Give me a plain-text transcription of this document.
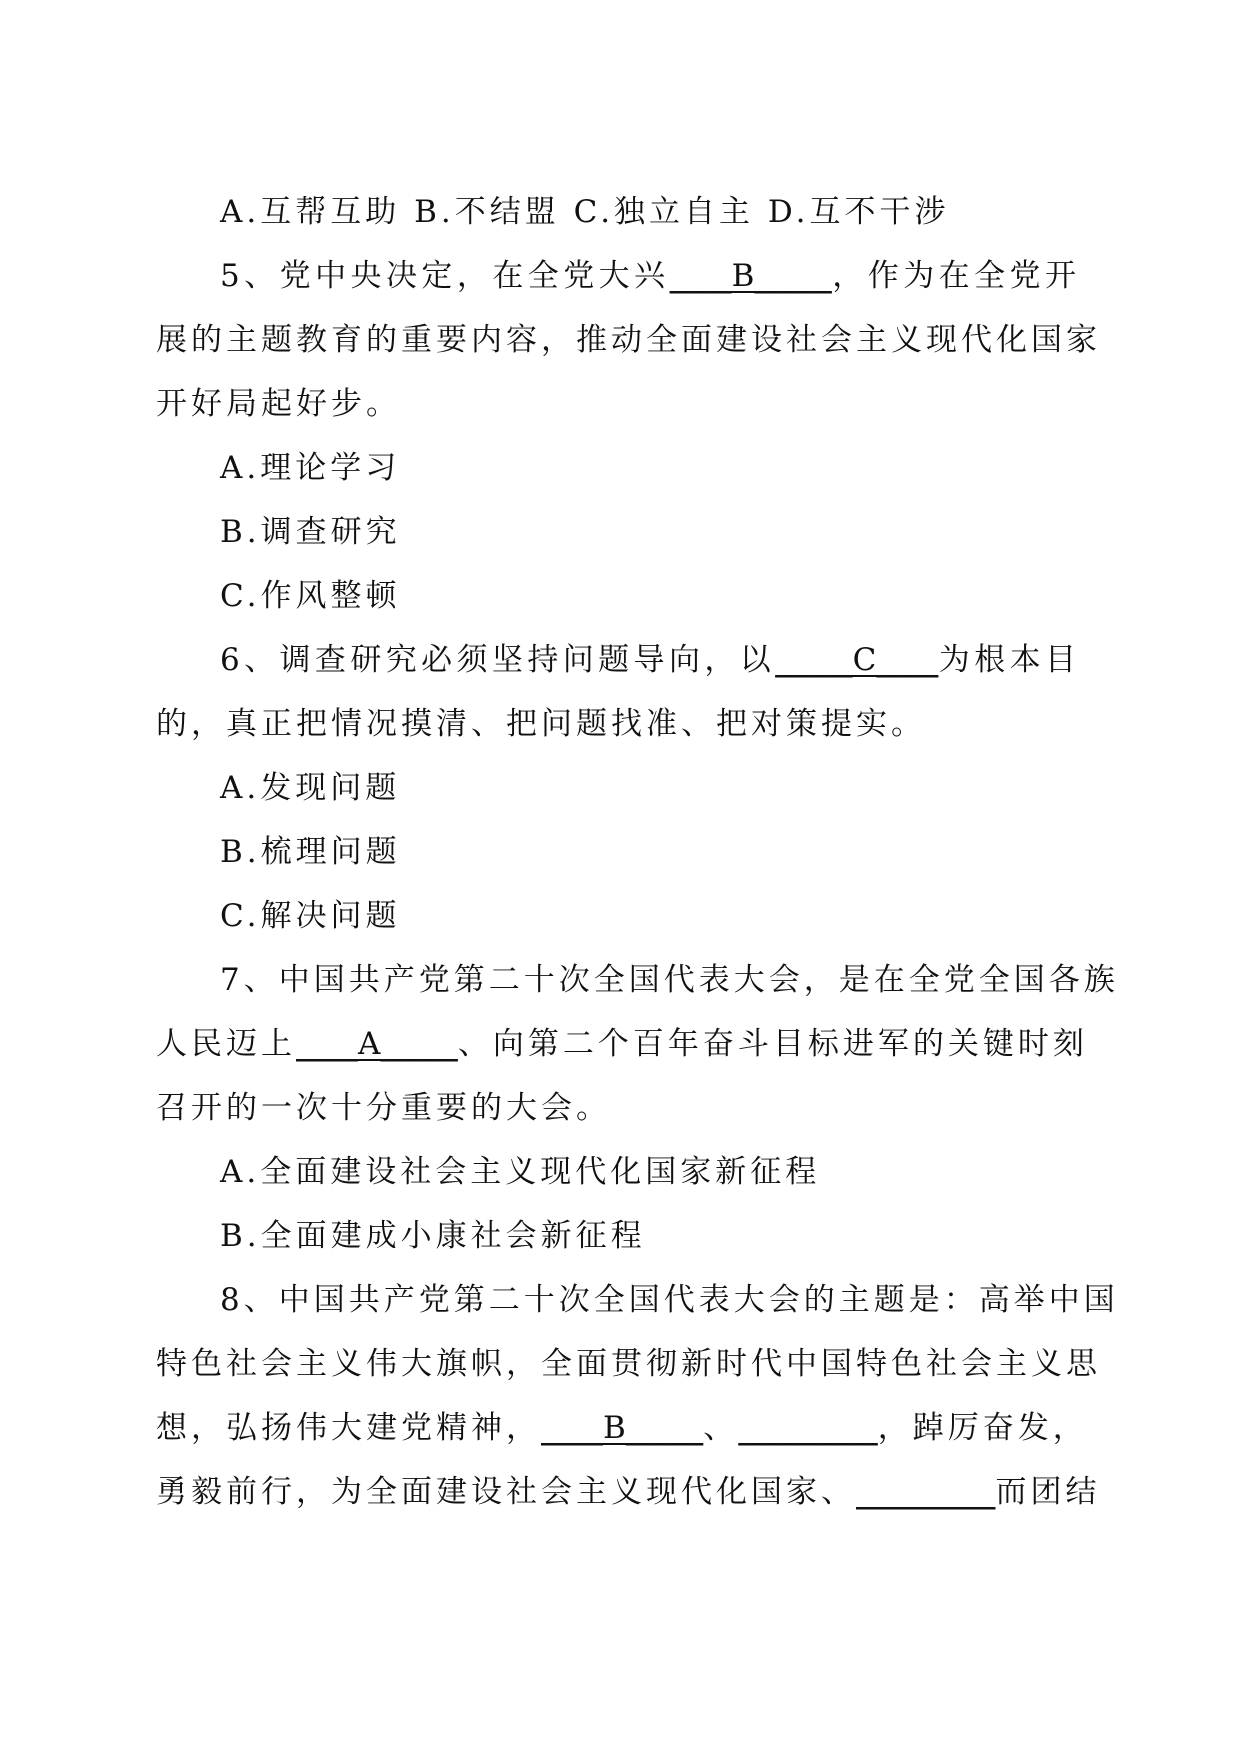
A.互帮互助 B.不结盟 C.独立自主 D.互不干涉
5、党中央决定，在全党大兴____B_____，作为在全党开
展的主题教育的重要内容，推动全面建设社会主义现代化国家
开好局起好步。
A.理论学习
B.调查研究
C.作风整顿
6、调查研究必须坚持问题导向，以_____C____为根本目
的，真正把情况摸清、把问题找准、把对策提实。
A.发现问题
B.梳理问题
C.解决问题
7、中国共产党第二十次全国代表大会，是在全党全国各族
人民迈上____A_____、向第二个百年奋斗目标进军的关键时刻
召开的一次十分重要的大会。
A.全面建设社会主义现代化国家新征程
B.全面建成小康社会新征程
8、中国共产党第二十次全国代表大会的主题是：高举中国
特色社会主义伟大旗帜，全面贯彻新时代中国特色社会主义思
想，弘扬伟大建党精神，____B_____、_________，踔厉奋发，
勇毅前行，为全面建设社会主义现代化国家、_________而团结
